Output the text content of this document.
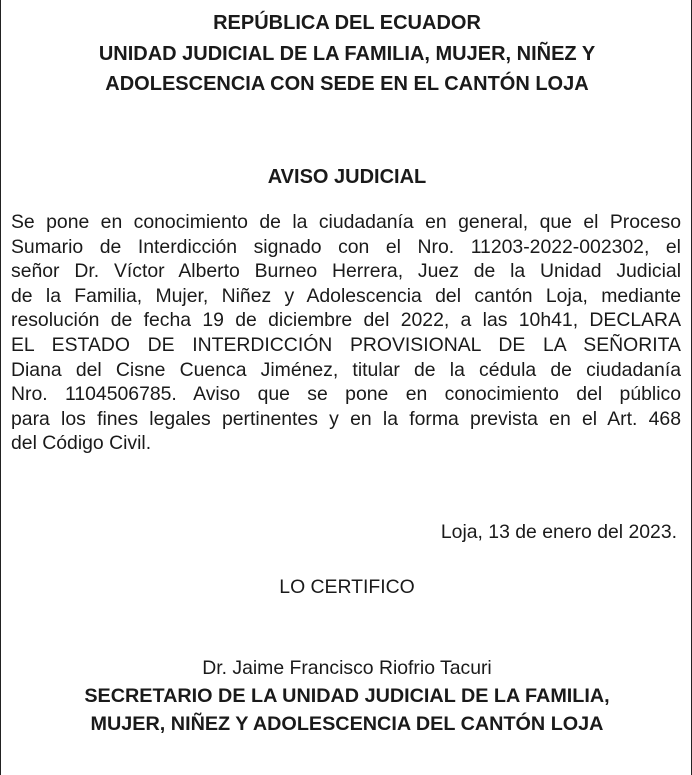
REPÚBLICA DEL ECUADOR
UNIDAD JUDICIAL DE LA FAMILIA, MUJER, NIÑEZ Y
ADOLESCENCIA CON SEDE EN EL CANTÓN LOJA
AVISO JUDICIAL
Se pone en conocimiento de la ciudadanía en general, que el Proceso
Sumario de Interdicción signado con el Nro. 11203-2022-002302, el
señor Dr. Víctor Alberto Burneo Herrera, Juez de la Unidad Judicial
de la Familia, Mujer, Niñez y Adolescencia del cantón Loja, mediante
resolución de fecha 19 de diciembre del 2022, a las 10h41, DECLARA
EL ESTADO DE INTERDICCIÓN PROVISIONAL DE LA SEÑORITA
Diana del Cisne Cuenca Jiménez, titular de la cédula de ciudadanía
Nro. 1104506785. Aviso que se pone en conocimiento del público
para los fines legales pertinentes y en la forma prevista en el Art. 468
del Código Civil.

Loja, 13 de enero del 2023.

LO CERTIFICO

Dr. Jaime Francisco Riofrio Tacuri

SECRETARIO DE LA UNIDAD JUDICIAL DE LA FAMILIA,
MUJER, NIÑEZ Y ADOLESCENCIA DEL CANTÓN LOJA
